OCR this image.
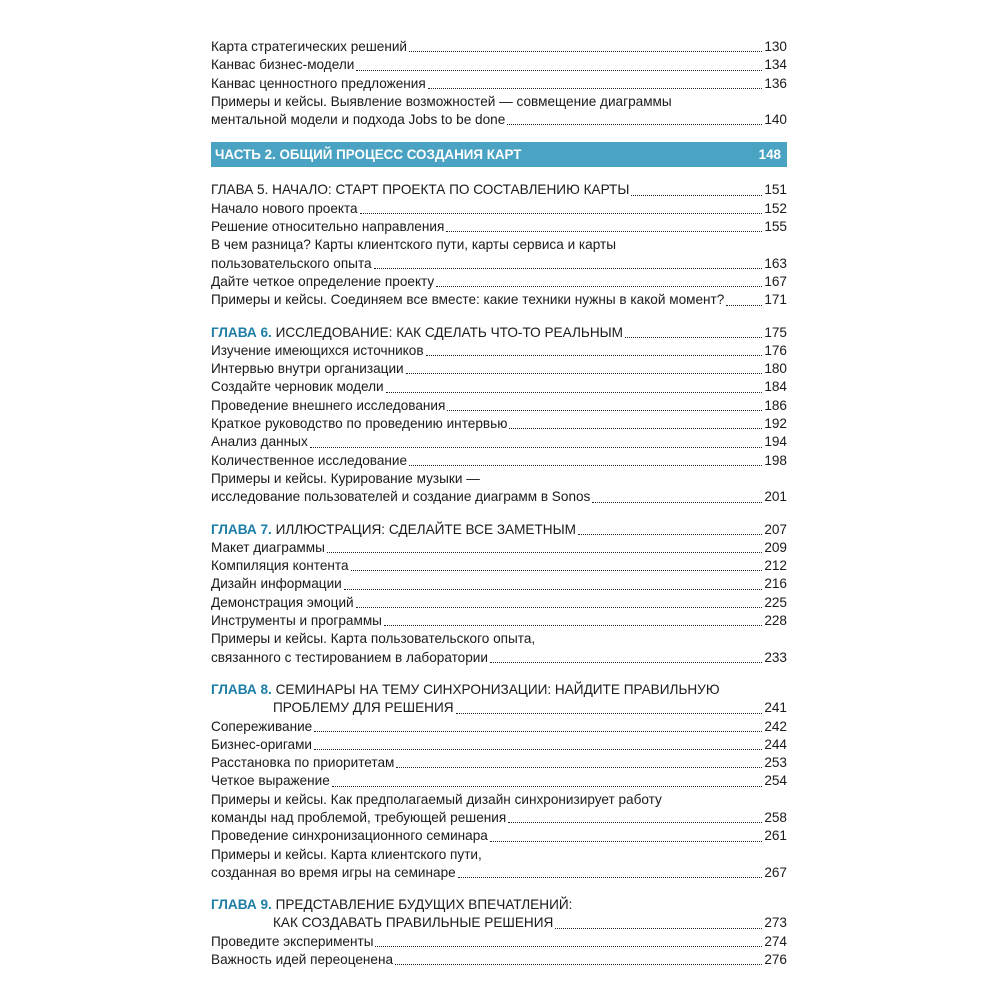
Карта стратегических решений	130
Канвас бизнес-модели	134
Канвас ценностного предложения	136
Примеры и кейсы. Выявление возможностей — совмещение диаграммы
ментальной модели и подхода Jobs to be done	140
ЧАСТЬ 2. ОБЩИЙ ПРОЦЕСС СОЗДАНИЯ КАРТ	148
ГЛАВА 5. НАЧАЛО: СТАРТ ПРОЕКТА ПО СОСТАВЛЕНИЮ КАРТЫ	151
Начало нового проекта	152
Решение относительно направления	155
В чем разница? Карты клиентского пути, карты сервиса и карты
пользовательского опыта	163
Дайте четкое определение проекту	167
Примеры и кейсы. Соединяем все вместе: какие техники нужны в какой момент?	171
ГЛАВА 6. ИССЛЕДОВАНИЕ: КАК СДЕЛАТЬ ЧТО-ТО РЕАЛЬНЫМ	175
Изучение имеющихся источников	176
Интервью внутри организации	180
Создайте черновик модели	184
Проведение внешнего исследования	186
Краткое руководство по проведению интервью	192
Анализ данных	194
Количественное исследование	198
Примеры и кейсы. Курирование музыки —
исследование пользователей и создание диаграмм в Sonos	201
ГЛАВА 7. ИЛЛЮСТРАЦИЯ: СДЕЛАЙТЕ ВСЕ ЗАМЕТНЫМ	207
Макет диаграммы	209
Компиляция контента	212
Дизайн информации	216
Демонстрация эмоций	225
Инструменты и программы	228
Примеры и кейсы. Карта пользовательского опыта,
связанного с тестированием в лаборатории	233
ГЛАВА 8. СЕМИНАРЫ НА ТЕМУ СИНХРОНИЗАЦИИ: НАЙДИТЕ ПРАВИЛЬНУЮ
ПРОБЛЕМУ ДЛЯ РЕШЕНИЯ	241
Сопереживание	242
Бизнес-оригами	244
Расстановка по приоритетам	253
Четкое выражение	254
Примеры и кейсы. Как предполагаемый дизайн синхронизирует работу
команды над проблемой, требующей решения	258
Проведение синхронизационного семинара	261
Примеры и кейсы. Карта клиентского пути,
созданная во время игры на семинаре	267
ГЛАВА 9. ПРЕДСТАВЛЕНИЕ БУДУЩИХ ВПЕЧАТЛЕНИЙ:
КАК СОЗДАВАТЬ ПРАВИЛЬНЫЕ РЕШЕНИЯ	273
Проведите эксперименты	274
Важность идей переоценена	276
